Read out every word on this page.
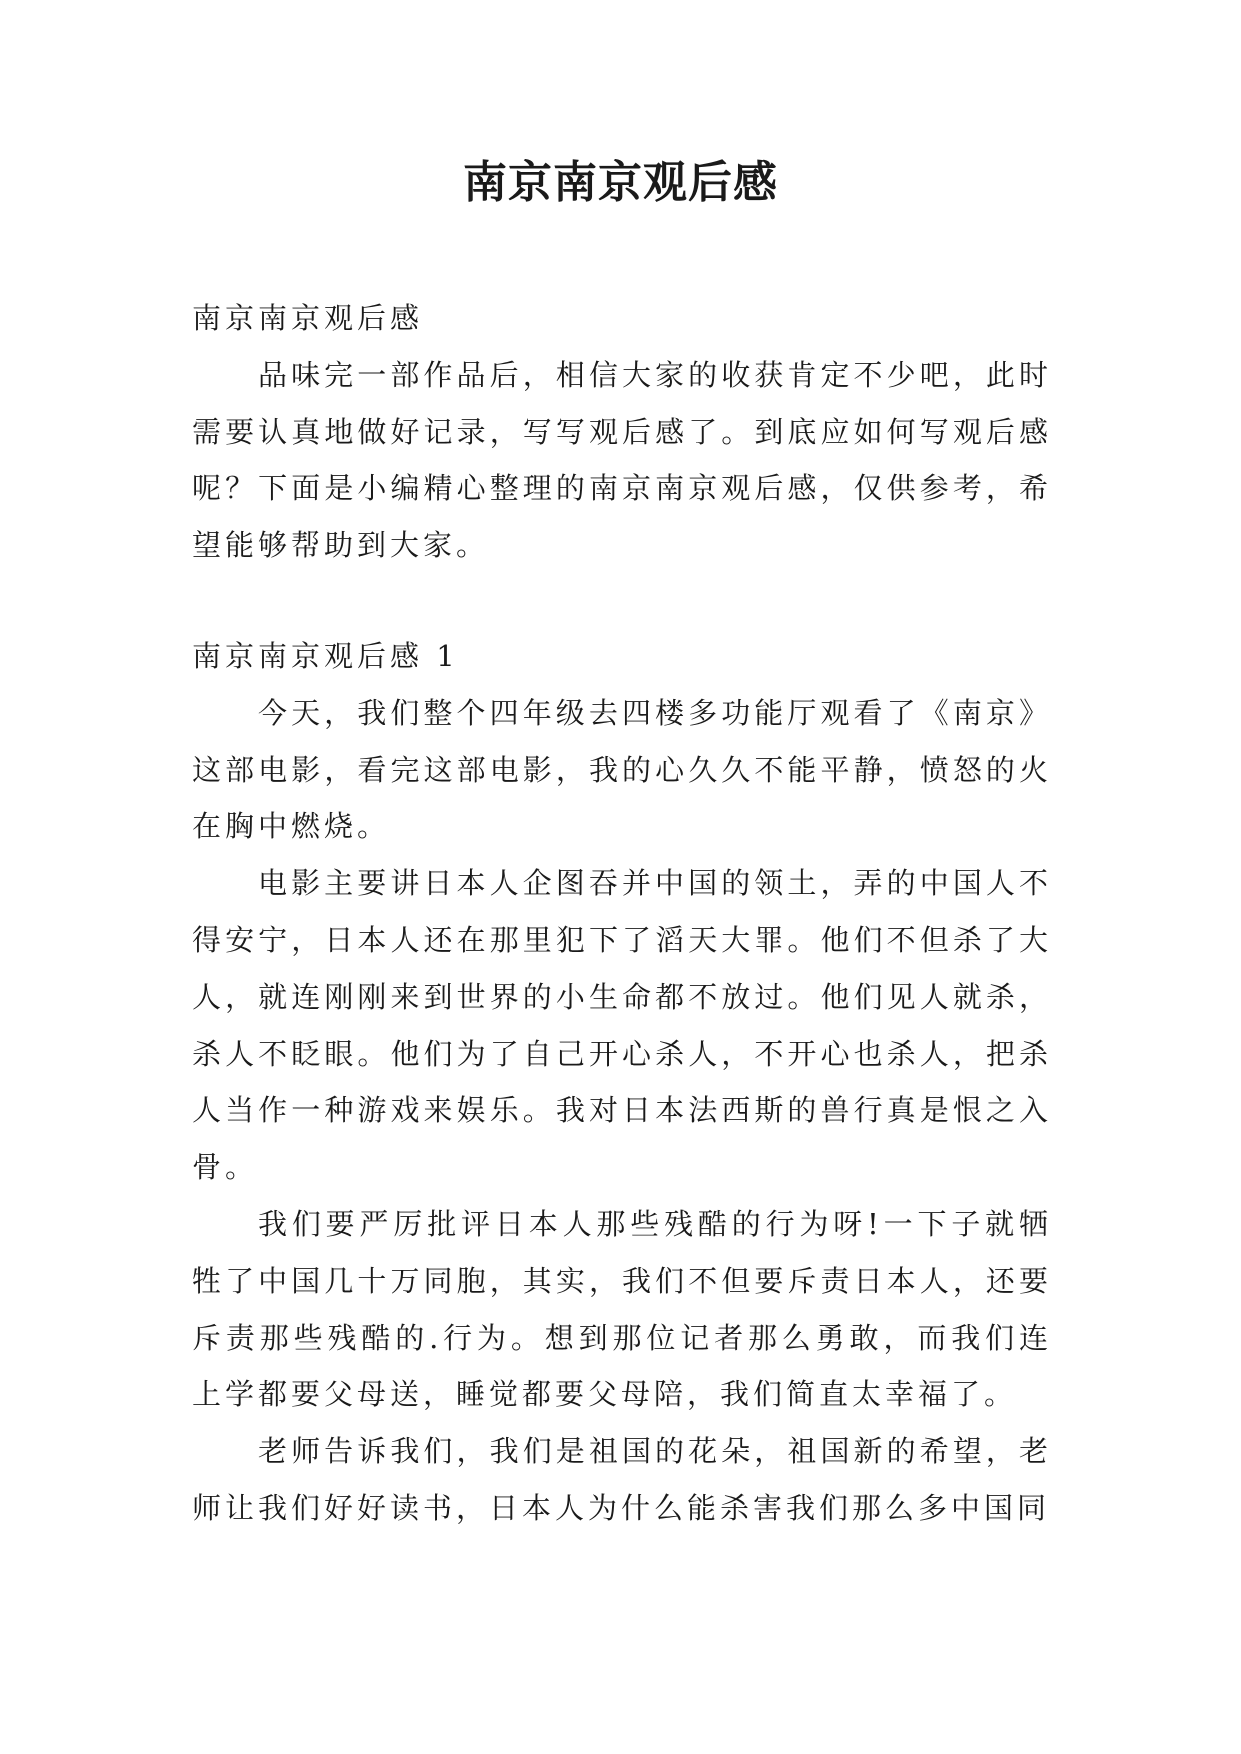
南京南京观后感

南京南京观后感

品味完一部作品后，相信大家的收获肯定不少吧，此时需要认真地做好记录，写写观后感了。到底应如何写观后感呢？下面是小编精心整理的南京南京观后感，仅供参考，希望能够帮助到大家。

南京南京观后感 1

今天，我们整个四年级去四楼多功能厅观看了《南京》这部电影，看完这部电影，我的心久久不能平静，愤怒的火在胸中燃烧。

电影主要讲日本人企图吞并中国的领土，弄的中国人不得安宁，日本人还在那里犯下了滔天大罪。他们不但杀了大人，就连刚刚来到世界的小生命都不放过。他们见人就杀，杀人不眨眼。他们为了自己开心杀人，不开心也杀人，把杀人当作一种游戏来娱乐。我对日本法西斯的兽行真是恨之入骨。

我们要严厉批评日本人那些残酷的行为呀!一下子就牺牲了中国几十万同胞，其实，我们不但要斥责日本人，还要斥责那些残酷的.行为。想到那位记者那么勇敢，而我们连上学都要父母送，睡觉都要父母陪，我们简直太幸福了。

老师告诉我们，我们是祖国的花朵，祖国新的希望，老师让我们好好读书，日本人为什么能杀害我们那么多中国同
